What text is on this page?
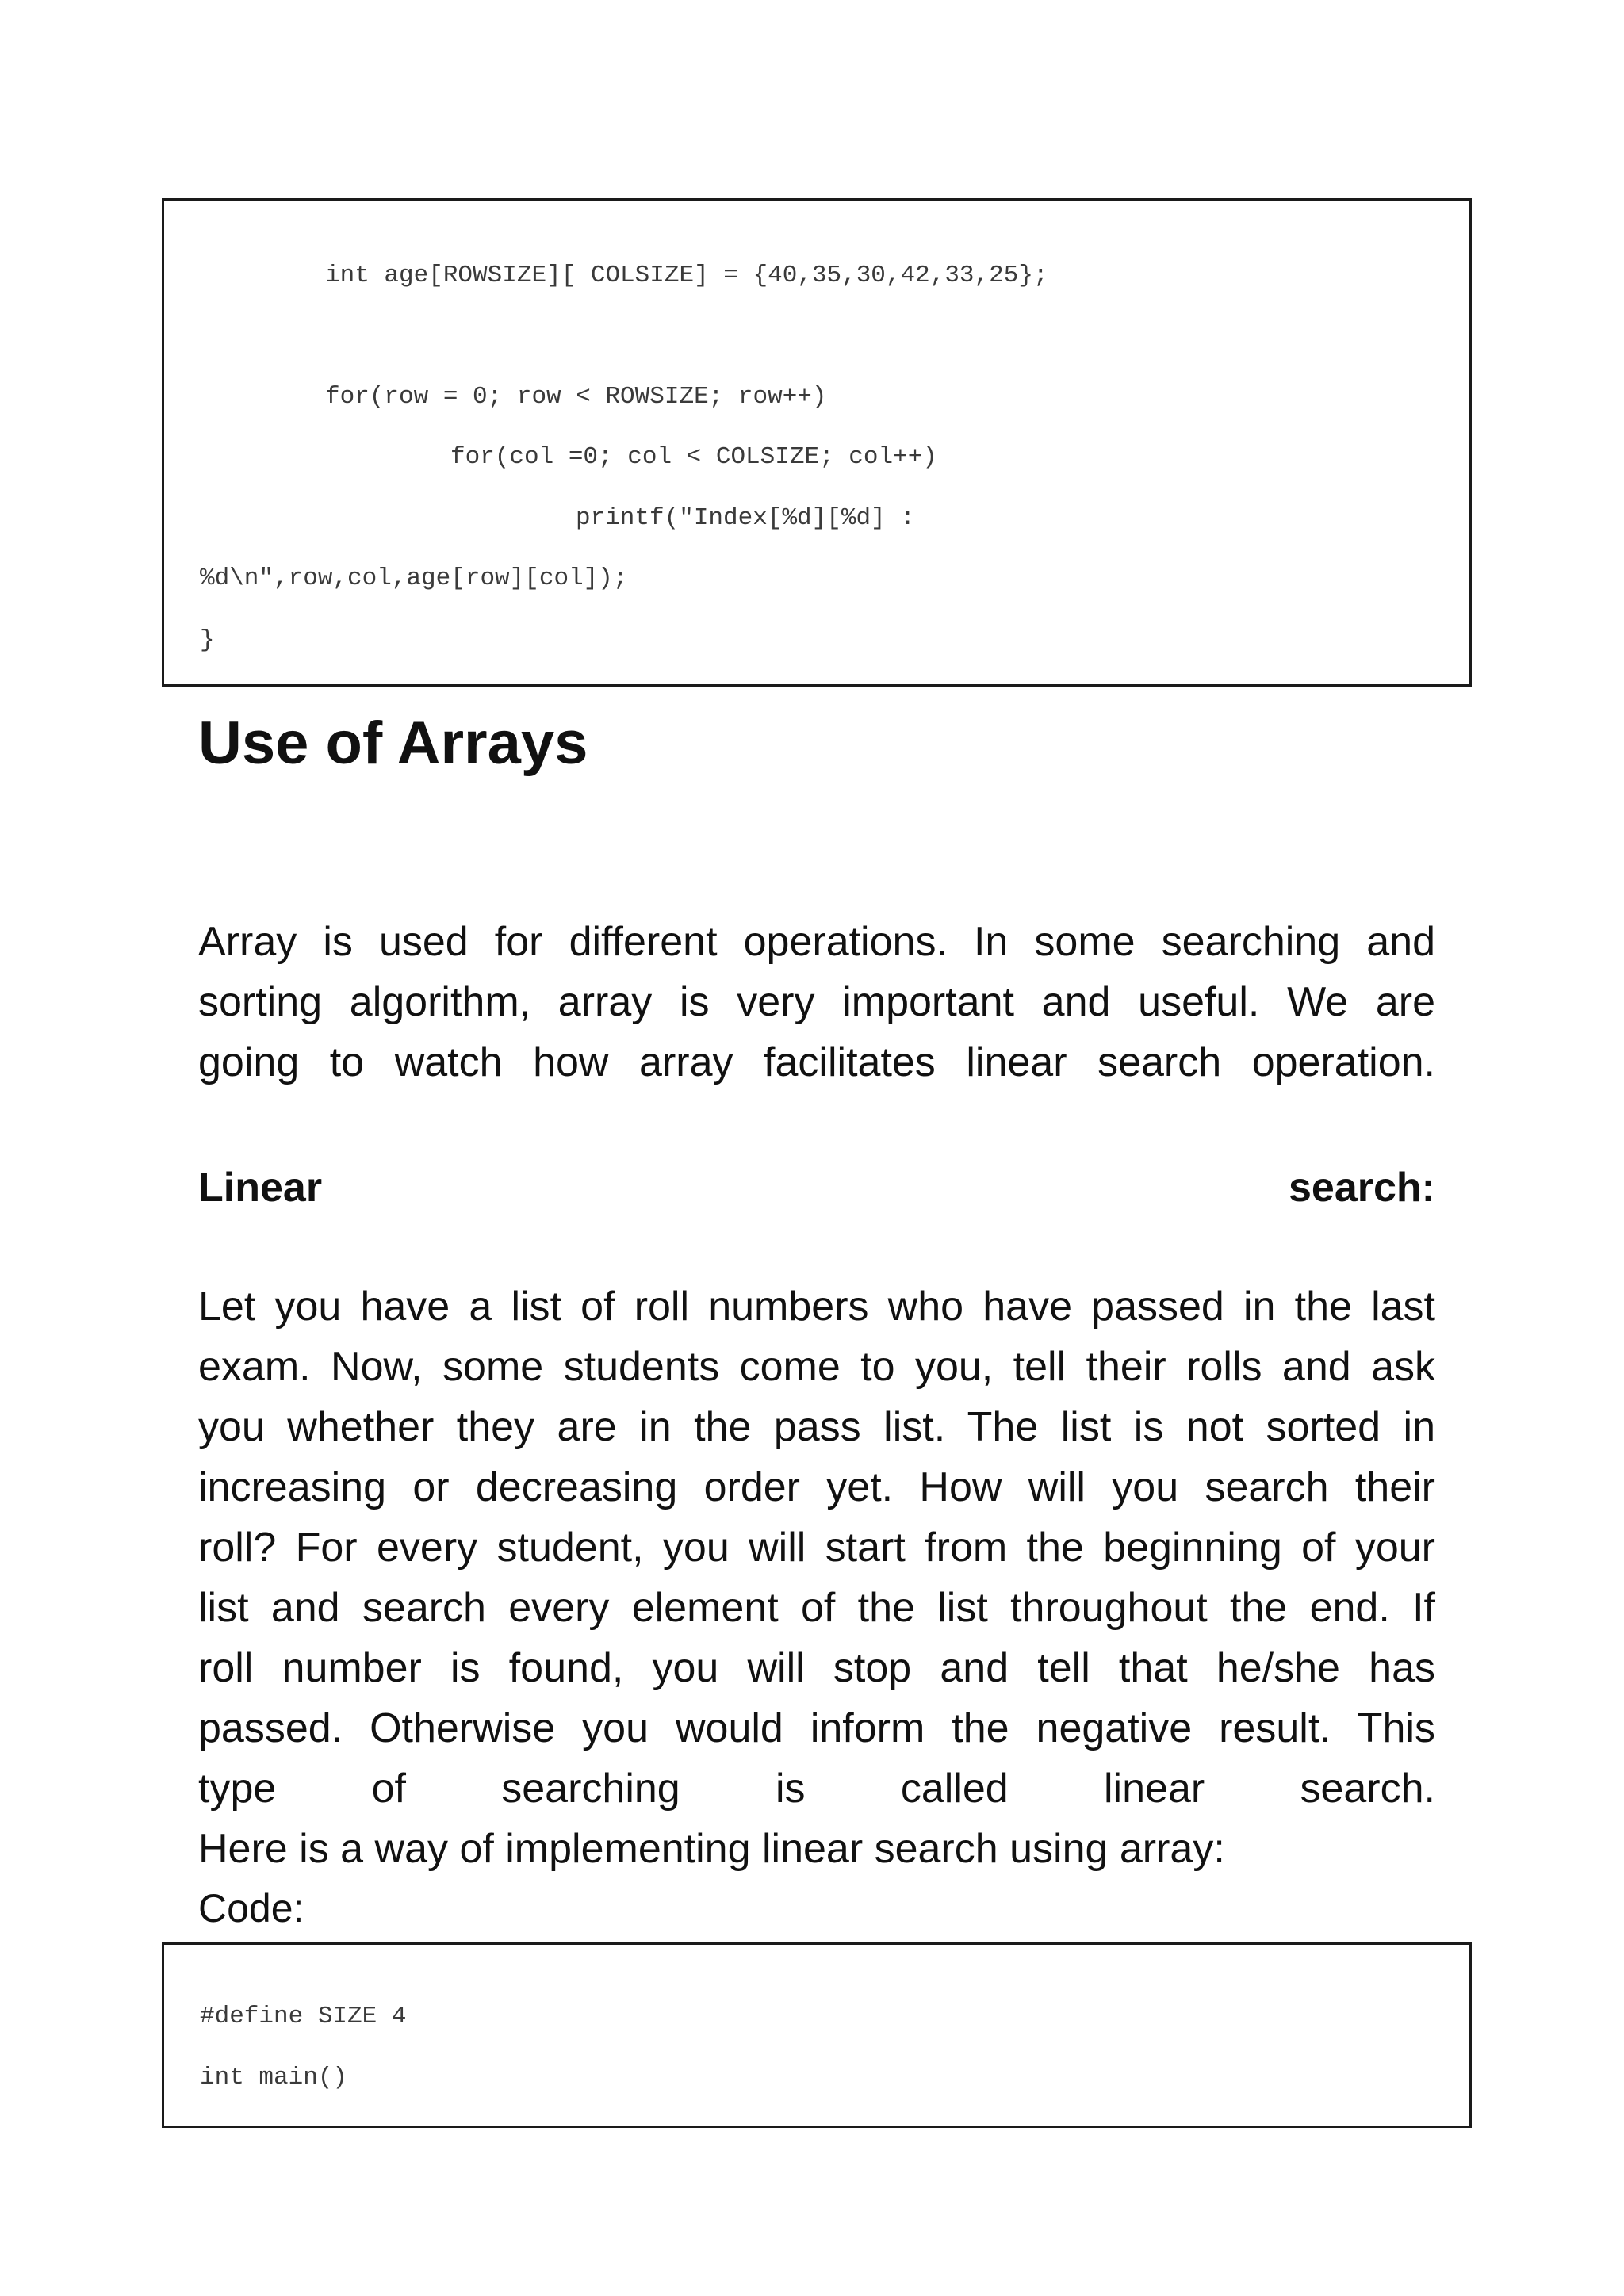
int age[ROWSIZE][ COLSIZE] = {40,35,30,42,33,25};
for(row = 0; row < ROWSIZE; row++)
for(col =0; col < COLSIZE; col++)
printf("Index[%d][%d] :
%d\n",row,col,age[row][col]);
}
Use of Arrays
Array is used for different operations. In some searching and
sorting algorithm, array is very important and useful. We are
going to watch how array facilitates linear search operation.
Linear	search:
Let you have a list of roll numbers who have passed in the last
exam. Now, some students come to you, tell their rolls and ask
you whether they are in the pass list. The list is not sorted in
increasing or decreasing order yet. How will you search their
roll? For every student, you will start from the beginning of your
list and search every element of the list throughout the end. If
roll number is found, you will stop and tell that he/she has
passed. Otherwise you would inform the negative result. This
type of searching is called linear search.
Here is a way of implementing linear search using array:
Code:
#define SIZE 4
int main()
